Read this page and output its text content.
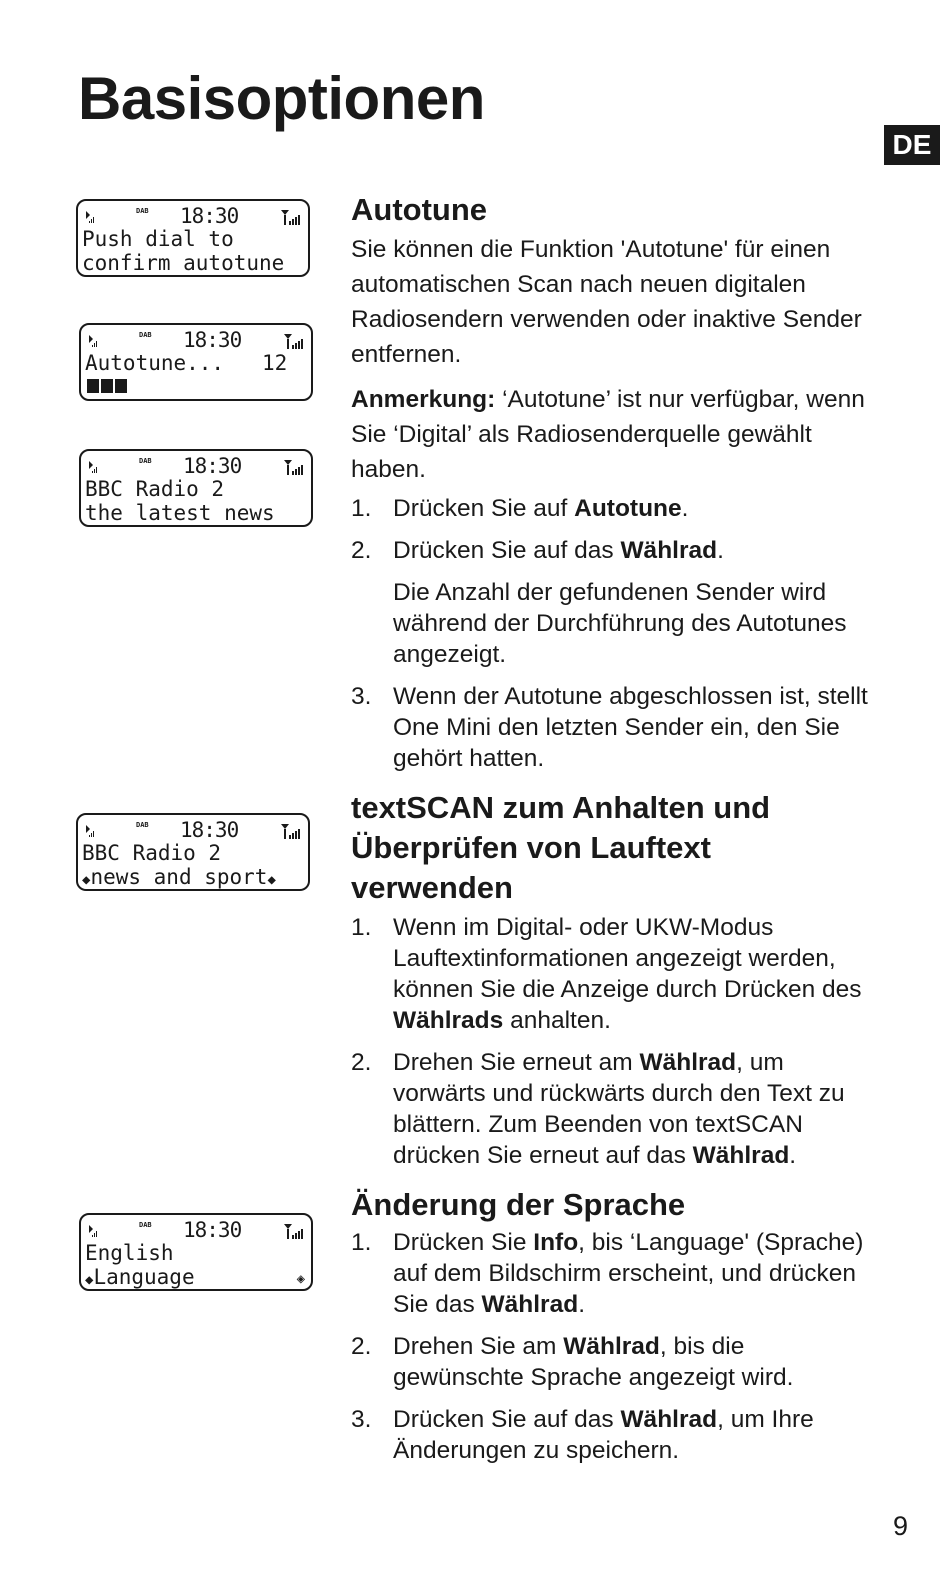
Basisoptionen
DE
DAB 18:30
Push dial to
confirm autotune
DAB 18:30
Autotune...   12
DAB 18:30
BBC Radio 2
the latest news
DAB 18:30
BBC Radio 2
◆news and sport◆
DAB 18:30
English
◆Language	◈
Autotune

Sie können die Funktion 'Autotune' für einen automatischen Scan nach neuen digitalen Radiosendern verwenden oder inaktive Sender entfernen.

Anmerkung: ‘Autotune’ ist nur verfügbar, wenn Sie ‘Digital’ als Radiosenderquelle gewählt haben.

1. Drücken Sie auf Autotune.
2. Drücken Sie auf das Wählrad.
Die Anzahl der gefundenen Sender wird während der Durchführung des Autotunes angezeigt.
3. Wenn der Autotune abgeschlossen ist, stellt One Mini den letzten Sender ein, den Sie gehört hatten.
textSCAN zum Anhalten und Überprüfen von Lauftext verwenden
1. Wenn im Digital- oder UKW-Modus Lauftextinformationen angezeigt werden, können Sie die Anzeige durch Drücken des Wählrads anhalten.
2. Drehen Sie erneut am Wählrad, um vorwärts und rückwärts durch den Text zu blättern. Zum Beenden von textSCAN drücken Sie erneut auf das Wählrad.
Änderung der Sprache
1. Drücken Sie Info, bis ‘Language' (Sprache) auf dem Bildschirm erscheint, und drücken Sie das Wählrad.
2. Drehen Sie am Wählrad, bis die gewünschte Sprache angezeigt wird.
3. Drücken Sie auf das Wählrad, um Ihre Änderungen zu speichern.
9
